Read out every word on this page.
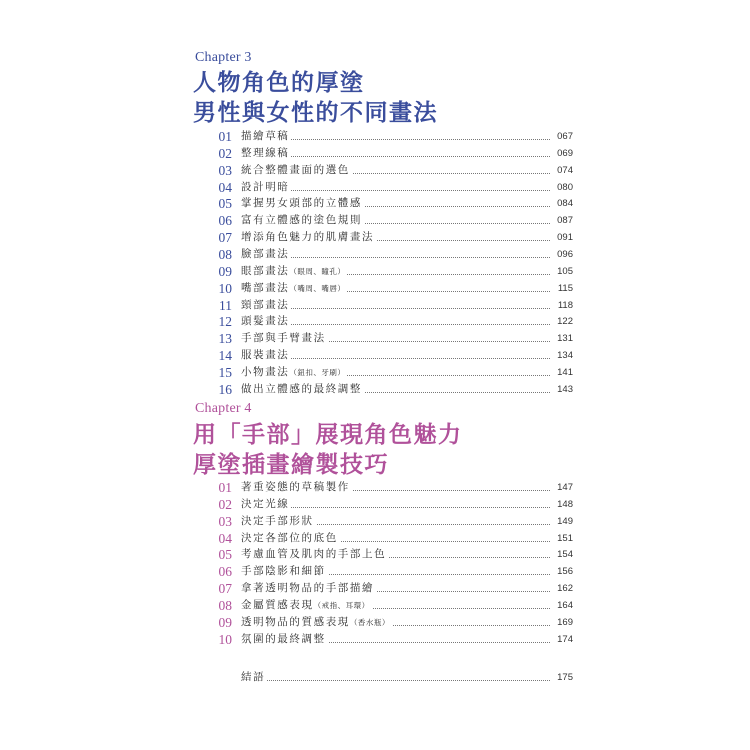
Chapter 3
人物角色的厚塗
男性與女性的不同畫法
01 描繪草稿	067
02 整理線稿	069
03 統合整體畫面的選色	074
04 設計明暗	080
05 掌握男女頭部的立體感	084
06 富有立體感的塗色規則	087
07 增添角色魅力的肌膚畫法	091
08 臉部畫法	096
09 眼部畫法（眼周、瞳孔）	105
10 嘴部畫法（嘴周、嘴唇）	115
11 頸部畫法	118
12 頭髮畫法	122
13 手部與手臂畫法	131
14 服裝畫法	134
15 小物畫法（鈕扣、牙刷）	141
16 做出立體感的最終調整	143
Chapter 4
用「手部」展現角色魅力
厚塗插畫繪製技巧
01 著重姿態的草稿製作	147
02 決定光線	148
03 決定手部形狀	149
04 決定各部位的底色	151
05 考慮血管及肌肉的手部上色	154
06 手部陰影和細節	156
07 拿著透明物品的手部描繪	162
08 金屬質感表現（戒指、耳環）	164
09 透明物品的質感表現（香水瓶）	169
10 氛圍的最終調整	174
結語	175
